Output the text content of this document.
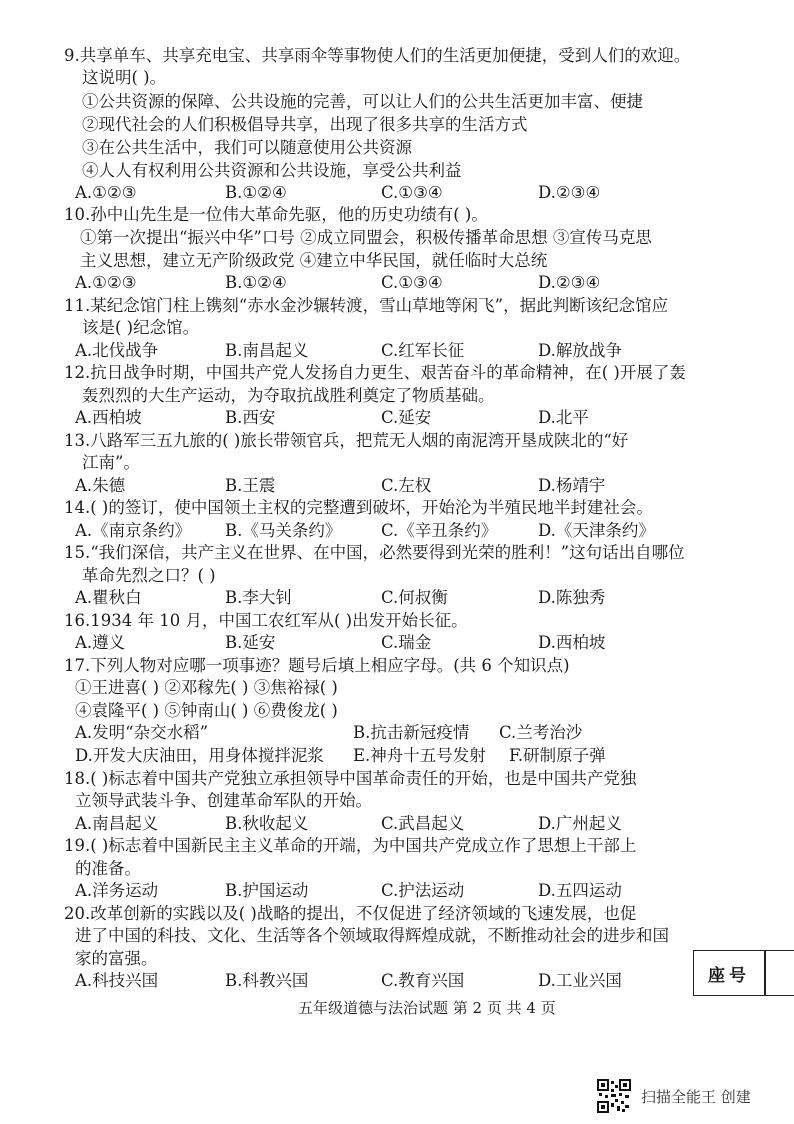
9.共享单车、共享充电宝、共享雨伞等事物使人们的生活更加便捷，受到人们的欢迎。
这说明( )。
①公共资源的保障、公共设施的完善，可以让人们的公共生活更加丰富、便捷
②现代社会的人们积极倡导共享，出现了很多共享的生活方式
③在公共生活中，我们可以随意使用公共资源
④人人有权利用公共资源和公共设施，享受公共利益
A.①②③	B.①②④	C.①③④	D.②③④
10.孙中山先生是一位伟大革命先驱，他的历史功绩有( )。
①第一次提出“振兴中华”口号 ②成立同盟会，积极传播革命思想 ③宣传马克思
主义思想，建立无产阶级政党 ④建立中华民国，就任临时大总统
A.①②③	B.①②④	C.①③④	D.②③④
11.某纪念馆门柱上镌刻“赤水金沙辗转渡，雪山草地等闲飞”，据此判断该纪念馆应
该是( )纪念馆。
A.北伐战争	B.南昌起义	C.红军长征	D.解放战争
12.抗日战争时期，中国共产党人发扬自力更生、艰苦奋斗的革命精神，在( )开展了轰
轰烈烈的大生产运动，为夺取抗战胜利奠定了物质基础。
A.西柏坡	B.西安	C.延安	D.北平
13.八路军三五九旅的( )旅长带领官兵，把荒无人烟的南泥湾开垦成陕北的“好
江南”。
A.朱德	B.王震	C.左权	D.杨靖宇
14.( )的签订，使中国领土主权的完整遭到破坏，开始沦为半殖民地半封建社会。
A.《南京条约》 B.《马关条约》 C.《辛丑条约》 D.《天津条约》
15.“我们深信，共产主义在世界、在中国，必然要得到光荣的胜利！”这句话出自哪位
革命先烈之口？( )
A.瞿秋白	B.李大钊	C.何叔衡	D.陈独秀
16.1934 年 10 月，中国工农红军从( )出发开始长征。
A.遵义	B.延安	C.瑞金	D.西柏坡
17.下列人物对应哪一项事迹？题号后填上相应字母。(共 6 个知识点)
①王进喜( ) ②邓稼先( ) ③焦裕禄( )
④袁隆平( ) ⑤钟南山( ) ⑥费俊龙( )
A.发明“杂交水稻”	B.抗击新冠疫情 C.兰考治沙
D.开发大庆油田，用身体搅拌泥浆 E.神舟十五号发射 F.研制原子弹
18.( )标志着中国共产党独立承担领导中国革命责任的开始，也是中国共产党独
立领导武装斗争、创建革命军队的开始。
A.南昌起义	B.秋收起义	C.武昌起义	D.广州起义
19.( )标志着中国新民主主义革命的开端，为中国共产党成立作了思想上干部上
的准备。
A.洋务运动	B.护国运动	C.护法运动	D.五四运动
20.改革创新的实践以及( )战略的提出，不仅促进了经济领域的飞速发展，也促
进了中国的科技、文化、生活等各个领域取得辉煌成就，不断推动社会的进步和国
家的富强。
A.科技兴国	B.科教兴国	C.教育兴国	D.工业兴国	座号
五年级道德与法治试题 第 2 页 共 4 页
扫描全能王 创建
